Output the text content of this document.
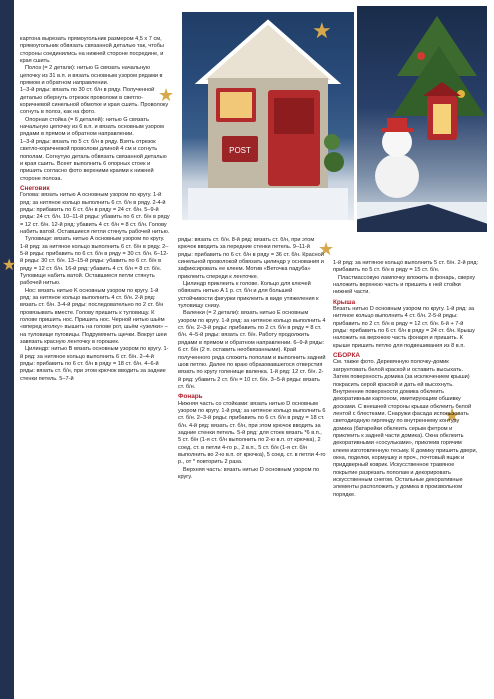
POST
★
★
★
★
★

картона вырезать прямоугольник размером 4,5 x 7 см, прямоугольник обвязать связанной деталью так, чтобы стороны соединились на нижней стороне посредине, и края сшить.

Полоз (= 2 детали): нитью G связать начальную цепочку из 31 в.п. и вязать основным узором рядами в прямом и обратном направлении.

1–3-й ряды: вязать по 30 ст. б/н в ряду. Полученной деталью обернуть отрезок проволоки в светло-коричневой синельной обмотке и края сшить. Проволоку согнуть в полоз, как на фото.

Опорная стойка (= 6 деталей): нитью G связать начальную цепочку из 6 в.п. и вязать основным узором рядами в прямом и обратном направлении.

1–3-й ряды: вязать по 5 ст. б/н в ряду. Взять отрезок светло-коричневой проволоки длиной 4 см и согнуть пополам. Согнутую деталь обвязать связанной деталью и края сшить. Всеет выполнить 6 опорных стоек и пришить согласно фото верхними краями к нижней стороне полоза.

Снеговик

Голова: вязать нитью A основным узором по кругу. 1-й ряд: за нитяное кольцо выполнить 6 ст. б/н в ряду. 2-4-й ряды: прибавить по 6 ст. б/н в ряду = 24 ст. б/н. 5–9-й ряды: 24 ст. б/н. 10–11-й ряды: убавить по 6 ст. б/н в ряду = 12 ст. б/н. 12-й ряд: убавить 4 ст. б/н = 8 ст. б/н. Голову набить ватой. Оставшиеся петли стянуть рабочей нитью.

Туловище: вязать нитью A основным узором по кругу. 1-й ряд: за нитяное кольцо выполнить 6 ст. б/н в ряду. 2–5-й ряды: прибавить по 6 ст. б/н в ряду = 30 ст. б/н. 6–12-й ряды: 30 ст. б/н. 13–15-й ряды: убавить по 6 ст. б/н в ряду = 12 ст. б/н. 16-й ряд: убавить 4 ст. б/н = 8 ст. б/н. Туловище набить ватой. Оставшиеся петли стянуть рабочей нитью.

Нос: вязать нитью K основным узором по кругу. 1-й ряд: за нитяное кольцо выполнить 4 ст. б/н. 2-й ряд: вязать ст. б/н. 3-4-й ряды: последовательно по 2 ст. б/н провязывать вместе. Голову пришить к туловищу. К голове пришить нос. Пришить нос. Черной нитью шьём «вперед иголку» вышить на голове рот, шьём «узелки» – на туловище пуговицы. Подрумянить щечки. Вокруг шеи завязать красную ленточку в горошек.

Цилиндр: нитью B вязать основным узором по кругу. 1-й ряд: за нитяное кольцо выполнить 6 ст. б/н. 2–4-й ряды: прибавить по 6 ст. б/н в ряду = 18 ст. б/н. 4–6-й ряды: вязать ст. б/н, при этом крючок вводить за задние стенки петель. 5–7-й

ряды: вязать ст. б/н. 8-й ряд: вязать ст. б/н, при этом крючок вводить за передние стенки петель. 9–11-й ряды: прибавить по 6 ст. б/н в ряду = 36 ст. б/н. Красной синельной проволокой обвязать цилиндр у основания и зафиксировать ее клеем. Мотив «Веточка падуба» приклеить спереди к ленточке.

Цилиндр приклеить к голове. Кольцо для ключей обвязать нитью A 1 р. ст. б/н и для большей устойчивости фигурки приклеить в виде утяжеления к туловищу снизу.

Валенки (= 2 детали): вязать нитью E основным узором по кругу. 1-й ряд: за нитяное кольцо выполнить 4 ст. б/н. 2–3-й ряды: прибавить по 2 ст. б/н в ряду = 8 ст. б/н. 4–5-й ряды: вязать ст. б/н. Работу продолжить рядами в прямом и обратном направлении. 6–9-й ряды: 6 ст. б/н (2 п. оставить необвязанными). Край полученного ряда сложить пополам и выполнить задний шов петлю. Далее по краю образовавшегося отверстия вязать по кругу голенище валенка. 1-й ряд: 12 ст. б/н. 2-й ряд: убавить 2 ст. б/н = 10 ст. б/н. 3–5-й ряды: вязать ст. б/н.

Фонарь

Нижняя часть со стойками: вязать нитью D основным узором по кругу. 1-й ряд: за нитяное кольцо выполнить 6 ст. б/н. 2–3-й ряды: прибавить по 6 ст. б/н в ряду = 18 ст. б/н. 4-й ряд: вязать ст. б/н, при этом крючок вводить за задние стенки петель. 5-й ряд: для стоек вязать *6 в.п., 5 ст. б/н (1-я ст. б/н выполнить по 2-ю в.п. от крючка), 2 соед. ст. в петли 4-го р., 2 в.п., 5 ст. б/н (1-я ст. б/н выполнить во 2-ю в.п. от крючка), 5 соед. ст. в петли 4-го р., от * повторить 2 раза.

Верхняя часть: вязать нитью D основным узором по кругу.

1-й ряд: за нитяное кольцо выполнить 5 ст. б/н. 2-й ряд: прибавить по 5 ст. б/н в ряду = 15 ст. б/н.

Пластмассовую лампочку вложить в фонарь, сверху наложить верхнюю часть и пришить к ней стойки нижней части.

Крыша

Вязать нитью D основным узором по кругу. 1-й ряд: за нитяное кольцо выполнить 4 ст. б/н. 2-5-й ряды: прибавить по 2 ст. б/н в ряду = 12 ст. б/н. 6-й + 7-й ряды: прибавить по 6 ст. б/н в ряду = 24 ст. б/н. Крышу наложить на верхнюю часть фонаря и пришить. К крыше пришить петлю для подвешивания из 8 в.п.

СБОРКА

См. также фото. Деревянную полочку-домик загрунтовать белой краской и оставить высыхать. Затем поверхность домика (за исключением крыши) покрасить серой краской и дать ей высохнуть. Внутренние поверхности домика обклеить декоративным картоном, имитирующим обшивку досками. С внешней стороны крыши обклеить белой лентой с блестками. Снаружи фасада использовать светодиодную гирлянду по внутреннему контуру домика (батарейки обклеить серым фетром и приклеить к задней части домика). Окна обклеить декоративными «сосульками», приклеив горячим клеем изготовленную тесьму. К домику пришить двери, окна, поделки, кормушку и проч., почтовый ящик и приддверный коврик. Искусственное травяное покрытие разрезать пополам и декорировать искусственным снегом. Остальные декоративные элементы расположить у домика в произвольном порядке.

41
